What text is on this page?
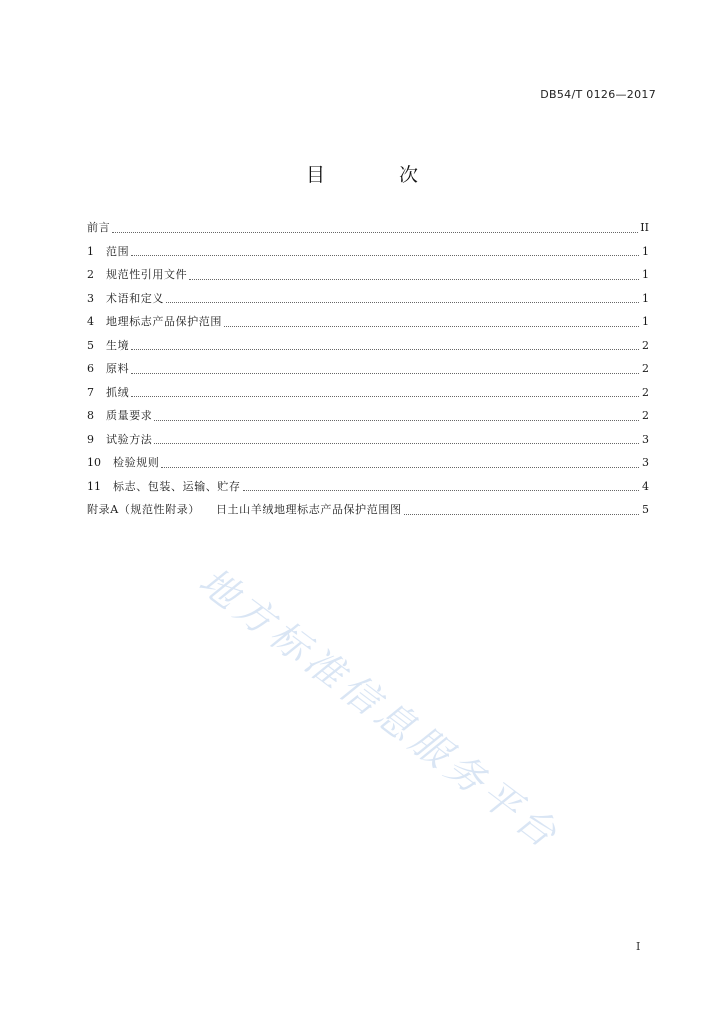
DB54/T 0126—2017
目 次
前言	II
1	范围	1
2	规范性引用文件	1
3	术语和定义	1
4	地理标志产品保护范围	1
5	生境	2
6	原料	2
7	抓绒	2
8	质量要求	2
9	试验方法	3
10	检验规则	3
11	标志、包装、运输、贮存	4
附录A（规范性附录） 日土山羊绒地理标志产品保护范围图	5
地方标准信息服务平台
I
